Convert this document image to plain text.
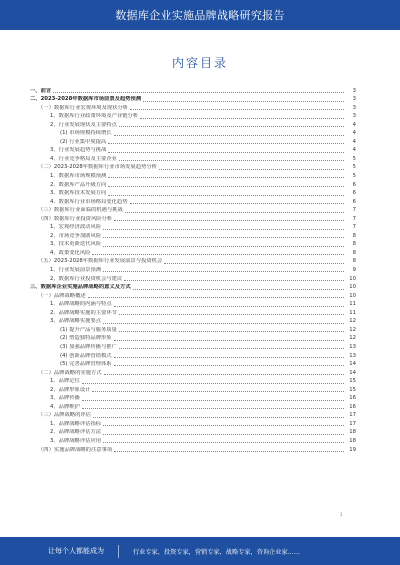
数据库企业实施品牌战略研究报告
内容目录
一、前言	3
二、2023-2028年数据库市场前景及趋势预测	3
（一）数据库行业宏观环境及现状分析	3
1、数据库行业政策环境及产业链分析	3
2、行业发展现状及主要特点	4
(1) 市场规模持续增长	4
(2) 行业集中度提高	4
3、行业发展趋势与挑战	4
4、行业竞争格局及主要企业	5
（二）2023-2028年数据库行业市场发展趋势分析	5
1、数据库市场规模预测	5
2、数据库产品升级方向	6
3、数据库技术发展方向	6
4、数据库行业市场格局变化趋势	6
（三）数据库行业面临的机遇与挑战	7
（四）数据库行业投资风险分析	7
1、宏观经济波动风险	7
2、市场竞争加剧风险	8
3、技术更新迭代风险	8
4、政策变化风险	8
（五）2023-2028年数据库行业发展前景与投资机会	8
1、行业发展前景预测	9
2、数据库行业投资机会与建议	10
三、数据库企业实施品牌战略的意义及方式	10
（一）品牌战略概述	10
1、品牌战略的内涵与特点	11
2、品牌战略实施的主要环节	11
3、品牌战略实施要点	12
(1) 提升产品与服务质量	12
(2) 塑造独特品牌形象	12
(3) 加强品牌传播与推广	13
(4) 创新品牌营销模式	13
(5) 完善品牌管理体系	14
（二）品牌战略的实施方式	14
1、品牌定位	15
2、品牌形象设计	15
3、品牌传播	16
4、品牌维护	16
（三）品牌战略的评估	17
1、品牌战略评估指标	17
2、品牌战略评估方法	18
3、品牌战略评估应用	18
（四）实施品牌战略的注意事项	19
1
让每个人都能成为	行业专家，投资专家，营销专家，战略专家，咨询企业家……
